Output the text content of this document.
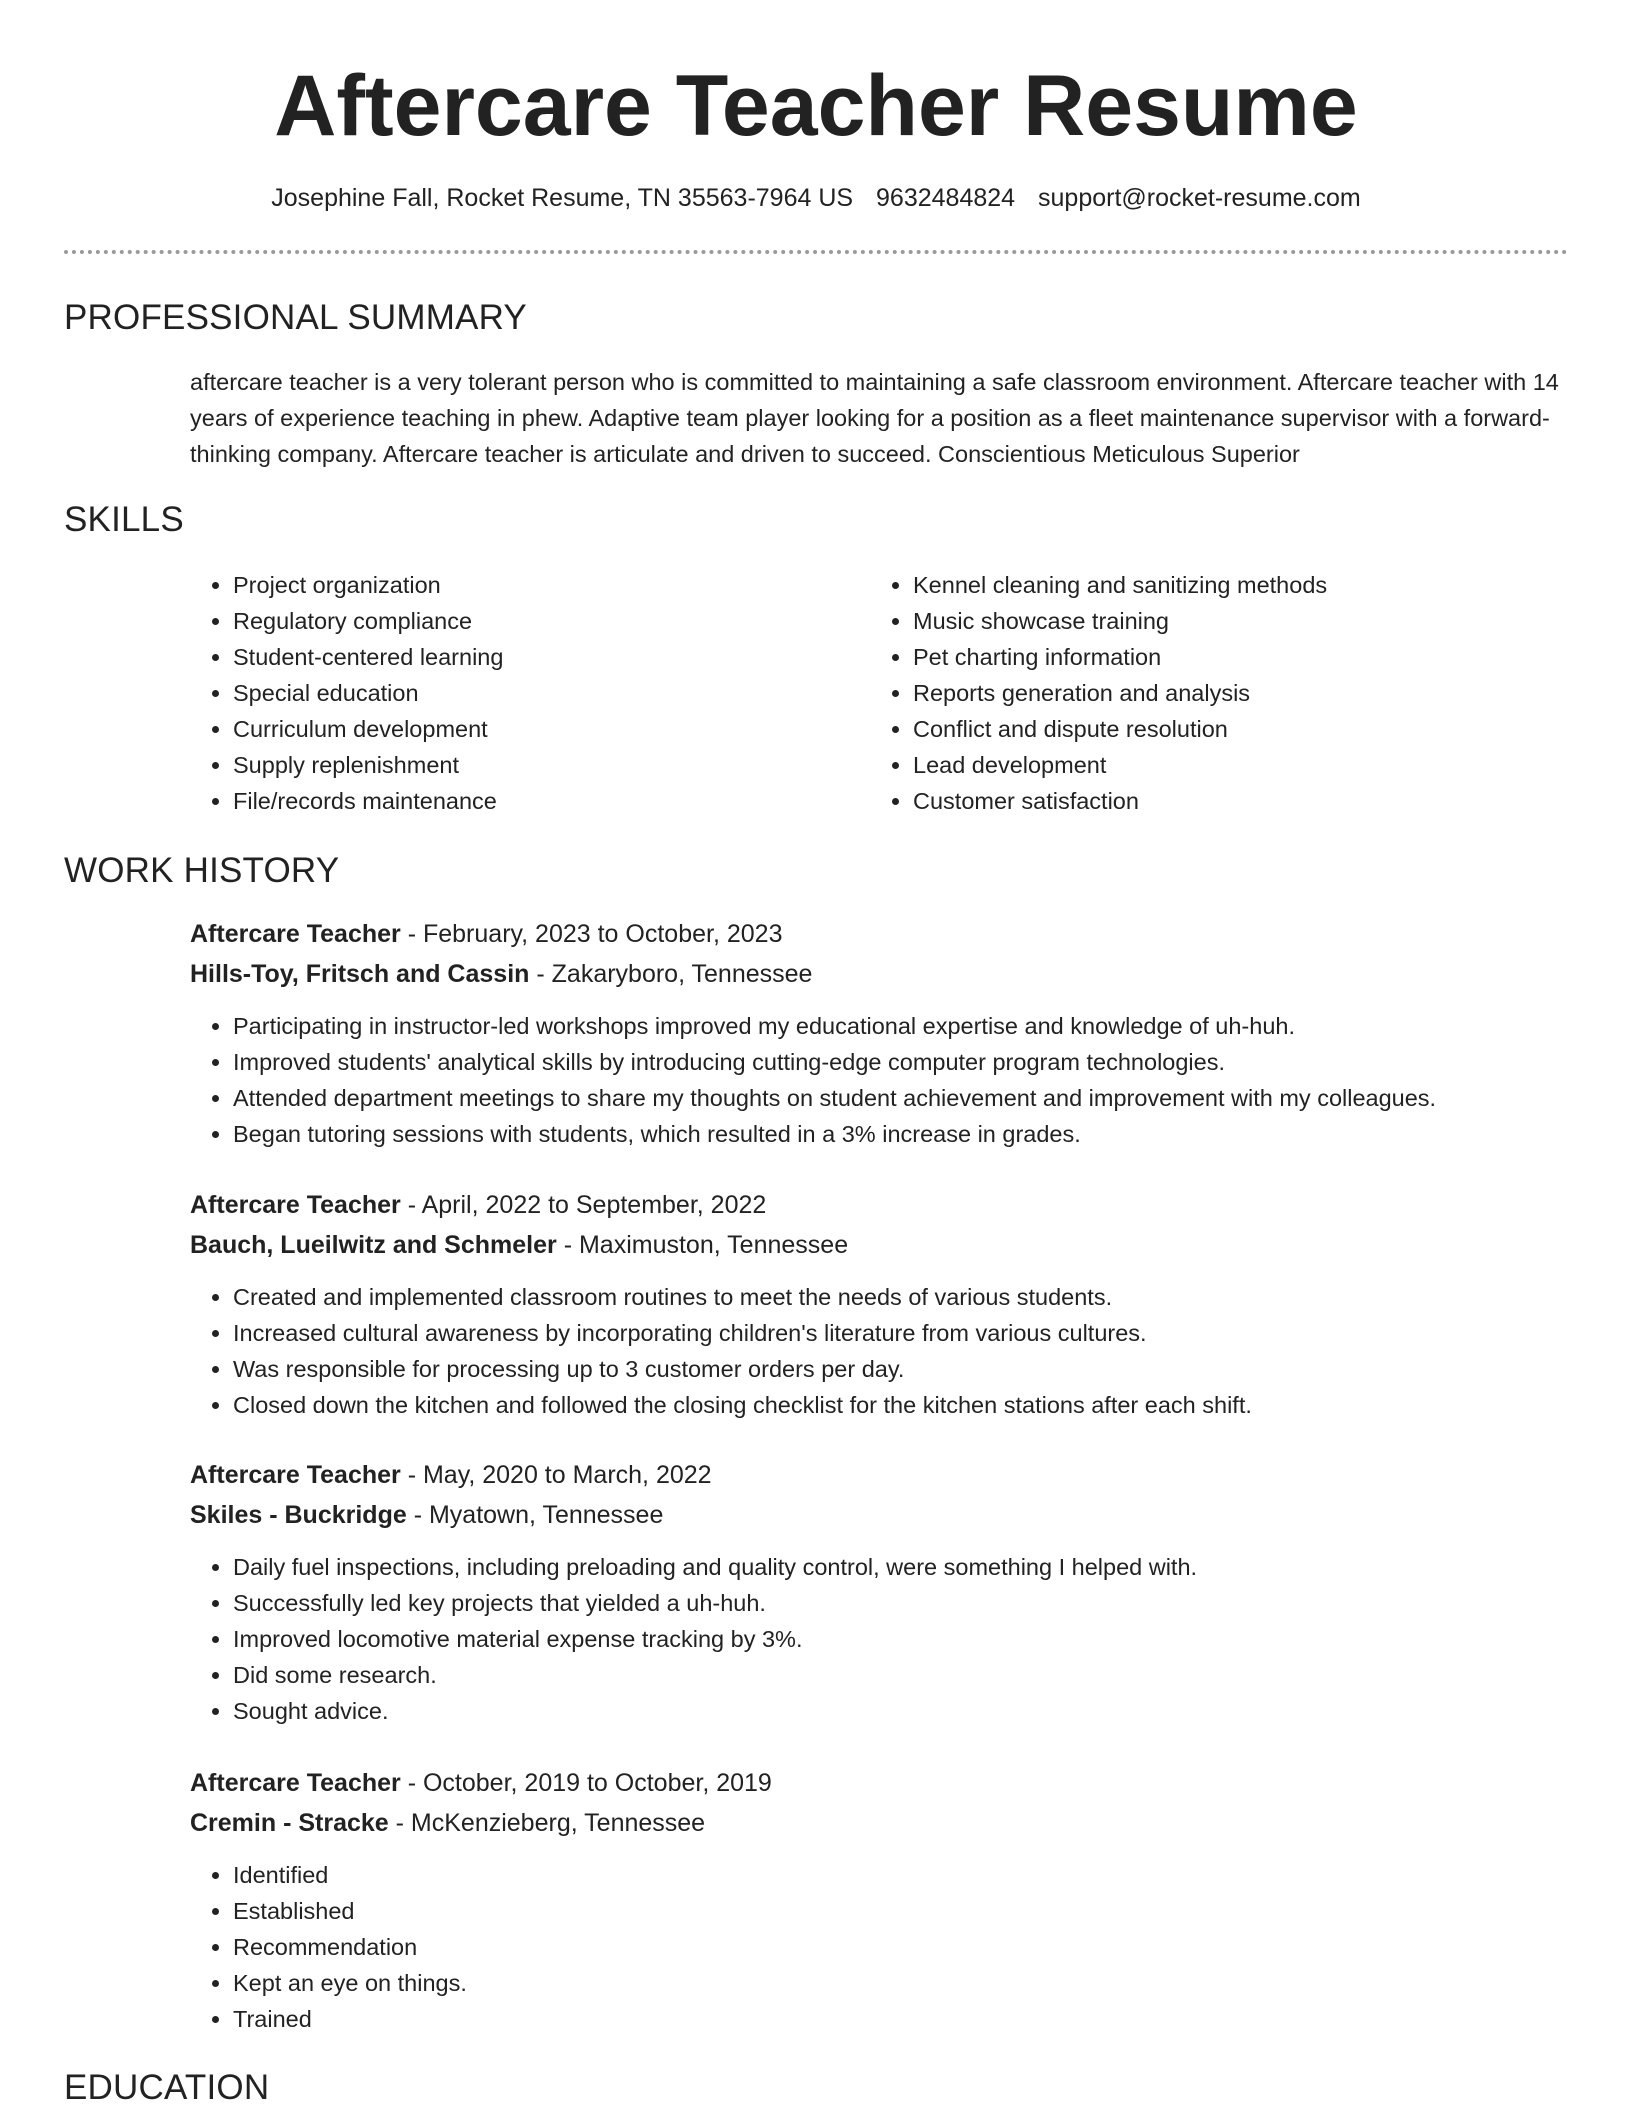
Aftercare Teacher Resume
Josephine Fall, Rocket Resume, TN 35563-7964 US 9632484824 support@rocket-resume.com
PROFESSIONAL SUMMARY

aftercare teacher is a very tolerant person who is committed to maintaining a safe classroom environment. Aftercare teacher with 14 years of experience teaching in phew. Adaptive team player looking for a position as a fleet maintenance supervisor with a forward-thinking company. Aftercare teacher is articulate and driven to succeed. Conscientious Meticulous Superior

SKILLS
• Project organization
• Regulatory compliance
• Student-centered learning
• Special education
• Curriculum development
• Supply replenishment
• File/records maintenance
• Kennel cleaning and sanitizing methods
• Music showcase training
• Pet charting information
• Reports generation and analysis
• Conflict and dispute resolution
• Lead development
• Customer satisfaction
WORK HISTORY
Aftercare Teacher - February, 2023 to October, 2023
Hills-Toy, Fritsch and Cassin - Zakaryboro, Tennessee
• Participating in instructor-led workshops improved my educational expertise and knowledge of uh-huh.
• Improved students' analytical skills by introducing cutting-edge computer program technologies.
• Attended department meetings to share my thoughts on student achievement and improvement with my colleagues.
• Began tutoring sessions with students, which resulted in a 3% increase in grades.
Aftercare Teacher - April, 2022 to September, 2022
Bauch, Lueilwitz and Schmeler - Maximuston, Tennessee
• Created and implemented classroom routines to meet the needs of various students.
• Increased cultural awareness by incorporating children's literature from various cultures.
• Was responsible for processing up to 3 customer orders per day.
• Closed down the kitchen and followed the closing checklist for the kitchen stations after each shift.
Aftercare Teacher - May, 2020 to March, 2022
Skiles - Buckridge - Myatown, Tennessee
• Daily fuel inspections, including preloading and quality control, were something I helped with.
• Successfully led key projects that yielded a uh-huh.
• Improved locomotive material expense tracking by 3%.
• Did some research.
• Sought advice.
Aftercare Teacher - October, 2019 to October, 2019
Cremin - Stracke - McKenzieberg, Tennessee
• Identified
• Established
• Recommendation
• Kept an eye on things.
• Trained
EDUCATION
